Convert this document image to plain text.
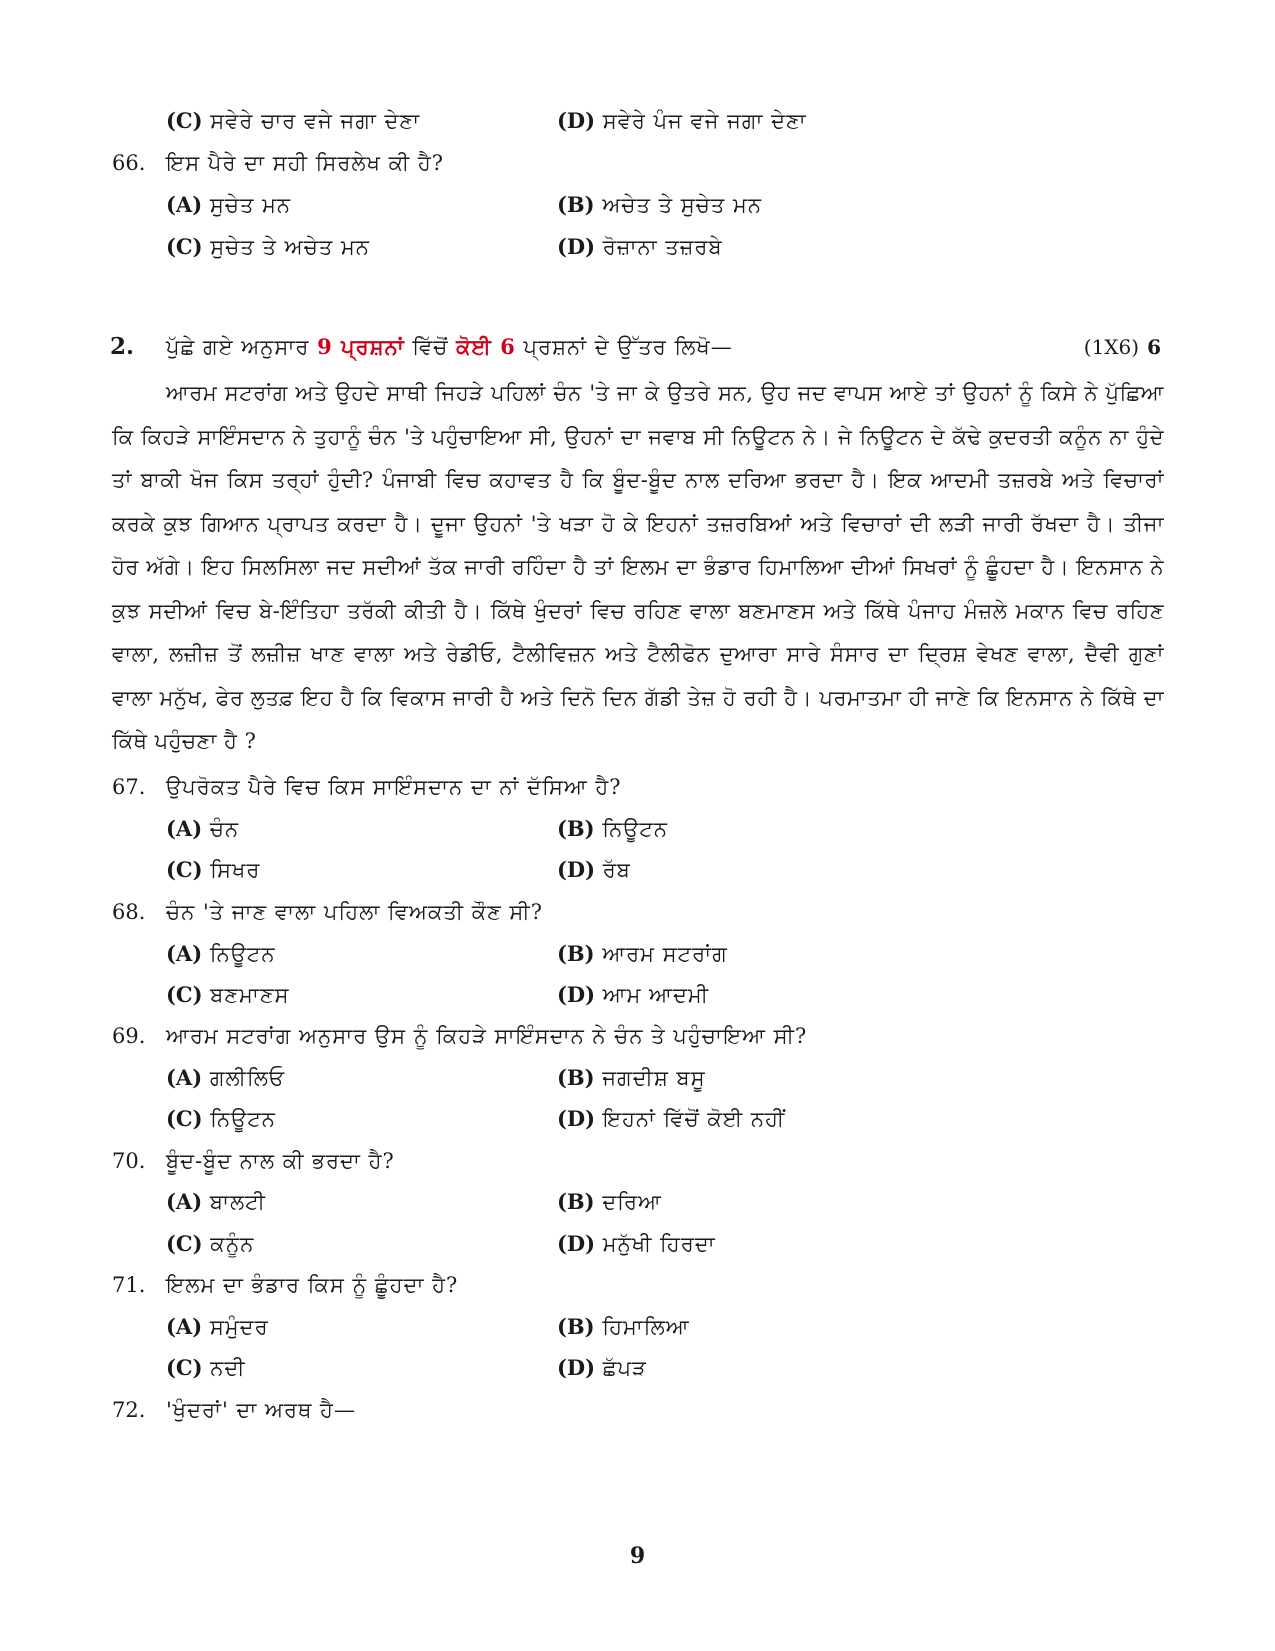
(C) ਸਵੇਰੇ ਚਾਰ ਵਜੇ ਜਗਾ ਦੇਣਾ	(D) ਸਵੇਰੇ ਪੰਜ ਵਜੇ ਜਗਾ ਦੇਣਾ
66. ਇਸ ਪੈਰੇ ਦਾ ਸਹੀ ਸਿਰਲੇਖ ਕੀ ਹੈ?
(A) ਸੁਚੇਤ ਮਨ	(B) ਅਚੇਤ ਤੇ ਸੁਚੇਤ ਮਨ
(C) ਸੁਚੇਤ ਤੇ ਅਚੇਤ ਮਨ	(D) ਰੋਜ਼ਾਨਾ ਤਜ਼ਰਬੇ
2. ਪੁੱਛੇ ਗਏ ਅਨੁਸਾਰ 9 ਪ੍ਰਸ਼ਨਾਂ ਵਿੱਚੋਂ ਕੋਈ 6 ਪ੍ਰਸ਼ਨਾਂ ਦੇ ਉੱਤਰ ਲਿਖੋ—	(1X6) 6
ਆਰਮ ਸਟਰਾਂਗ ਅਤੇ ਉਹਦੇ ਸਾਥੀ ਜਿਹੜੇ ਪਹਿਲਾਂ ਚੰਨ 'ਤੇ ਜਾ ਕੇ ਉਤਰੇ ਸਨ, ਉਹ ਜਦ ਵਾਪਸ ਆਏ ਤਾਂ ਉਹਨਾਂ ਨੂੰ ਕਿਸੇ ਨੇ ਪੁੱਛਿਆ ਕਿ ਕਿਹੜੇ ਸਾਇੰਸਦਾਨ ਨੇ ਤੁਹਾਨੂੰ ਚੰਨ 'ਤੇ ਪਹੁੰਚਾਇਆ ਸੀ, ਉਹਨਾਂ ਦਾ ਜਵਾਬ ਸੀ ਨਿਊਟਨ ਨੇ। ਜੇ ਨਿਊਟਨ ਦੇ ਕੱਢੇ ਕੁਦਰਤੀ ਕਨੂੰਨ ਨਾ ਹੁੰਦੇ ਤਾਂ ਬਾਕੀ ਖੋਜ ਕਿਸ ਤਰ੍ਹਾਂ ਹੁੰਦੀ? ਪੰਜਾਬੀ ਵਿਚ ਕਹਾਵਤ ਹੈ ਕਿ ਬੂੰਦ-ਬੂੰਦ ਨਾਲ ਦਰਿਆ ਭਰਦਾ ਹੈ। ਇਕ ਆਦਮੀ ਤਜ਼ਰਬੇ ਅਤੇ ਵਿਚਾਰਾਂ ਕਰਕੇ ਕੁਝ ਗਿਆਨ ਪ੍ਰਾਪਤ ਕਰਦਾ ਹੈ। ਦੂਜਾ ਉਹਨਾਂ 'ਤੇ ਖੜਾ ਹੋ ਕੇ ਇਹਨਾਂ ਤਜ਼ਰਬਿਆਂ ਅਤੇ ਵਿਚਾਰਾਂ ਦੀ ਲੜੀ ਜਾਰੀ ਰੱਖਦਾ ਹੈ। ਤੀਜਾ ਹੋਰ ਅੱਗੇ। ਇਹ ਸਿਲਸਿਲਾ ਜਦ ਸਦੀਆਂ ਤੱਕ ਜਾਰੀ ਰਹਿੰਦਾ ਹੈ ਤਾਂ ਇਲਮ ਦਾ ਭੰਡਾਰ ਹਿਮਾਲਿਆ ਦੀਆਂ ਸਿਖਰਾਂ ਨੂੰ ਛੂੰਹਦਾ ਹੈ। ਇਨਸਾਨ ਨੇ ਕੁਝ ਸਦੀਆਂ ਵਿਚ ਬੇ-ਇੰਤਿਹਾ ਤਰੱਕੀ ਕੀਤੀ ਹੈ। ਕਿੱਥੇ ਖੁੰਦਰਾਂ ਵਿਚ ਰਹਿਣ ਵਾਲਾ ਬਣਮਾਣਸ ਅਤੇ ਕਿੱਥੇ ਪੰਜਾਹ ਮੰਜ਼ਲੇ ਮਕਾਨ ਵਿਚ ਰਹਿਣ ਵਾਲਾ, ਲਜ਼ੀਜ਼ ਤੋਂ ਲਜ਼ੀਜ਼ ਖਾਣ ਵਾਲਾ ਅਤੇ ਰੇਡੀਓ, ਟੈਲੀਵਿਜ਼ਨ ਅਤੇ ਟੈਲੀਫੋਨ ਦੁਆਰਾ ਸਾਰੇ ਸੰਸਾਰ ਦਾ ਦ੍ਰਿਸ਼ ਵੇਖਣ ਵਾਲਾ, ਦੈਵੀ ਗੁਣਾਂ ਵਾਲਾ ਮਨੁੱਖ, ਫੇਰ ਲੁਤਫ਼ ਇਹ ਹੈ ਕਿ ਵਿਕਾਸ ਜਾਰੀ ਹੈ ਅਤੇ ਦਿਨੋ ਦਿਨ ਗੱਡੀ ਤੇਜ਼ ਹੋ ਰਹੀ ਹੈ। ਪਰਮਾਤਮਾ ਹੀ ਜਾਣੇ ਕਿ ਇਨਸਾਨ ਨੇ ਕਿੱਥੇ ਦਾ ਕਿੱਥੇ ਪਹੁੰਚਣਾ ਹੈ ?
67. ਉਪਰੋਕਤ ਪੈਰੇ ਵਿਚ ਕਿਸ ਸਾਇੰਸਦਾਨ ਦਾ ਨਾਂ ਦੱਸਿਆ ਹੈ?
(A) ਚੰਨ	(B) ਨਿਊਟਨ
(C) ਸਿਖਰ	(D) ਰੱਬ
68. ਚੰਨ 'ਤੇ ਜਾਣ ਵਾਲਾ ਪਹਿਲਾ ਵਿਅਕਤੀ ਕੌਣ ਸੀ?
(A) ਨਿਊਟਨ	(B) ਆਰਮ ਸਟਰਾਂਗ
(C) ਬਣਮਾਣਸ	(D) ਆਮ ਆਦਮੀ
69. ਆਰਮ ਸਟਰਾਂਗ ਅਨੁਸਾਰ ਉਸ ਨੂੰ ਕਿਹੜੇ ਸਾਇੰਸਦਾਨ ਨੇ ਚੰਨ ਤੇ ਪਹੁੰਚਾਇਆ ਸੀ?
(A) ਗਲੀਲਿਓ	(B) ਜਗਦੀਸ਼ ਬਸੂ
(C) ਨਿਊਟਨ	(D) ਇਹਨਾਂ ਵਿੱਚੋਂ ਕੋਈ ਨਹੀਂ
70. ਬੂੰਦ-ਬੂੰਦ ਨਾਲ ਕੀ ਭਰਦਾ ਹੈ?
(A) ਬਾਲਟੀ	(B) ਦਰਿਆ
(C) ਕਨੂੰਨ	(D) ਮਨੁੱਖੀ ਹਿਰਦਾ
71. ਇਲਮ ਦਾ ਭੰਡਾਰ ਕਿਸ ਨੂੰ ਛੂੰਹਦਾ ਹੈ?
(A) ਸਮੁੰਦਰ	(B) ਹਿਮਾਲਿਆ
(C) ਨਦੀ	(D) ਛੱਪੜ
72. 'ਖੁੰਦਰਾਂ' ਦਾ ਅਰਥ ਹੈ—
9
